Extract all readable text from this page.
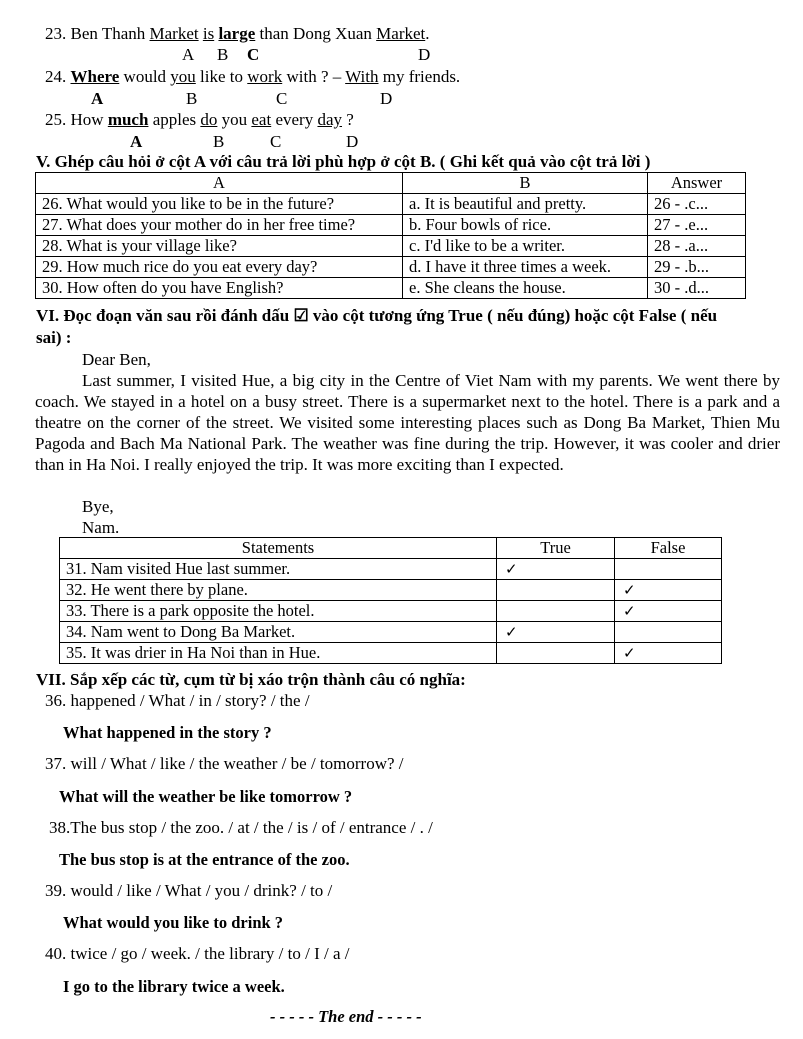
23. Ben Thanh Market is large than Dong Xuan Market.
A B C	D
24. Where would you like to work with ? – With my friends.
A	B	C	D
25. How much apples do you eat every day ?
A	B	C	D
V. Ghép câu hỏi ở cột A với câu trả lời phù hợp ở cột B. ( Ghi kết quả vào cột trả lời )
A	B	Answer
26. What would you like to be in the future?	a. It is beautiful and pretty.	26 - .c...
27. What does your mother do in her free time?	b. Four bowls of rice.	27 - .e...
28. What is your village like?	c. I'd like to be a writer.	28 - .a...
29. How much rice do you eat every day?	d. I have it three times a week.	29 - .b...
30. How often do you have English?	e. She cleans the house.	30 - .d...
VI. Đọc đoạn văn sau rồi đánh dấu ☑ vào cột tương ứng True ( nếu đúng) hoặc cột False ( nếu
sai) :
Dear Ben,
Last summer, I visited Hue, a big city in the Centre of Viet Nam with my parents. We went there by coach. We stayed in a hotel on a busy street. There is a supermarket next to the hotel. There is a park and a theatre on the corner of the street. We visited some interesting places such as Dong Ba Market, Thien Mu Pagoda and Bach Ma National Park. The weather was fine during the trip. However, it was cooler and drier than in Ha Noi. I really enjoyed the trip. It was more exciting than I expected.
Bye,
Nam.
Statements	True	False
31. Nam visited Hue last summer.	✓	
32. He went there by plane.		✓
33. There is a park opposite the hotel.		✓
34. Nam went to Dong Ba Market.	✓	
35. It was drier in Ha Noi than in Hue.		✓
VII. Sắp xếp các từ, cụm từ bị xáo trộn thành câu có nghĩa:
36. happened / What / in / story? / the /
What happened in the story ?
37. will / What / like / the weather / be / tomorrow? /
What will the weather be like tomorrow ?
38.The bus stop / the zoo. / at / the / is / of / entrance / . /
The bus stop is at the entrance of the zoo.
39. would / like / What / you / drink? / to /
What would you like to drink ?
40. twice / go / week. / the library / to / I / a /
I go to the library twice a week.
- - - - - The end - - - - -
